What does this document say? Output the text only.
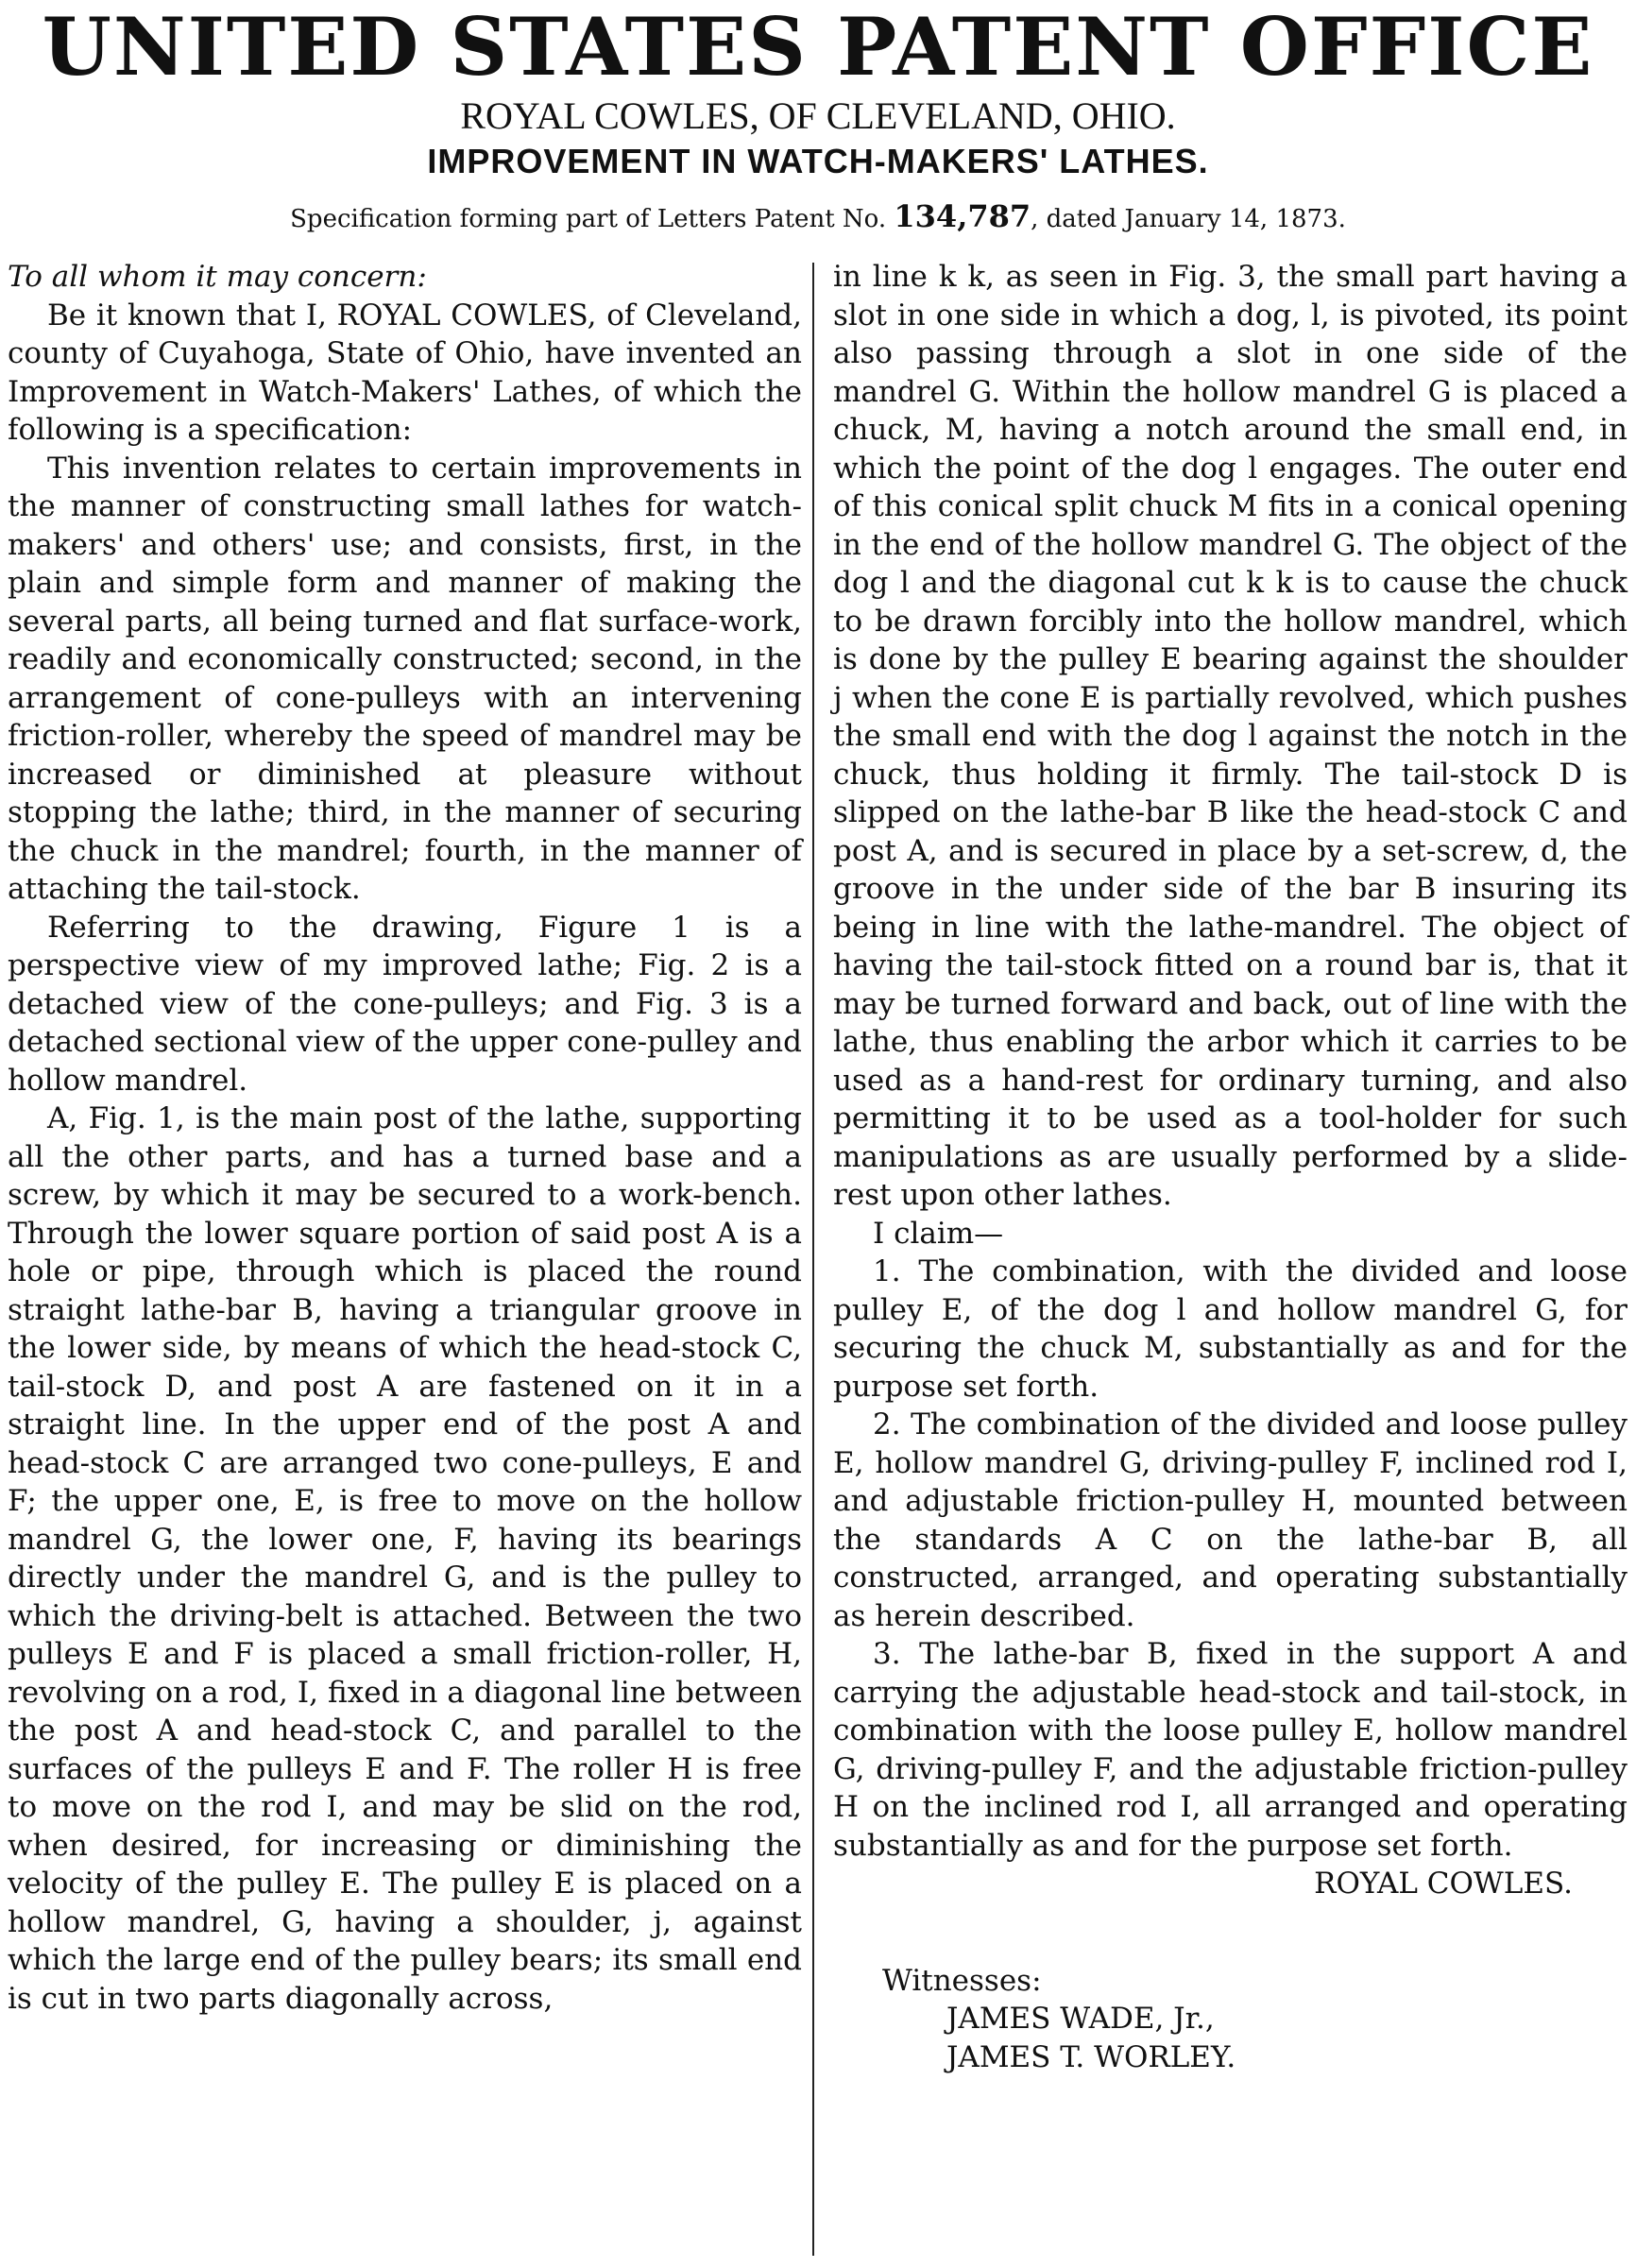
UNITED STATES PATENT OFFICE
ROYAL COWLES, OF CLEVELAND, OHIO.
IMPROVEMENT IN WATCH-MAKERS' LATHES.
Specification forming part of Letters Patent No. 134,787, dated January 14, 1873.

To all whom it may concern:

Be it known that I, ROYAL COWLES, of Cleveland, county of Cuyahoga, State of Ohio, have invented an Improvement in Watch-Makers' Lathes, of which the following is a specification:

This invention relates to certain improvements in the manner of constructing small lathes for watch-makers' and others' use; and consists, first, in the plain and simple form and manner of making the several parts, all being turned and flat surface-work, readily and economically constructed; second, in the arrangement of cone-pulleys with an intervening friction-roller, whereby the speed of mandrel may be increased or diminished at pleasure without stopping the lathe; third, in the manner of securing the chuck in the mandrel; fourth, in the manner of attaching the tail-stock.

Referring to the drawing, Figure 1 is a perspective view of my improved lathe; Fig. 2 is a detached view of the cone-pulleys; and Fig. 3 is a detached sectional view of the upper cone-pulley and hollow mandrel.

A, Fig. 1, is the main post of the lathe, supporting all the other parts, and has a turned base and a screw, by which it may be secured to a work-bench. Through the lower square portion of said post A is a hole or pipe, through which is placed the round straight lathe-bar B, having a triangular groove in the lower side, by means of which the head-stock C, tail-stock D, and post A are fastened on it in a straight line. In the upper end of the post A and head-stock C are arranged two cone-pulleys, E and F; the upper one, E, is free to move on the hollow mandrel G, the lower one, F, having its bearings directly under the mandrel G, and is the pulley to which the driving-belt is attached. Between the two pulleys E and F is placed a small friction-roller, H, revolving on a rod, I, fixed in a diagonal line between the post A and head-stock C, and parallel to the surfaces of the pulleys E and F. The roller H is free to move on the rod I, and may be slid on the rod, when desired, for increasing or diminishing the velocity of the pulley E. The pulley E is placed on a hollow mandrel, G, having a shoulder, j, against which the large end of the pulley bears; its small end is cut in two parts diagonally across,

in line k k, as seen in Fig. 3, the small part having a slot in one side in which a dog, l, is pivoted, its point also passing through a slot in one side of the mandrel G. Within the hollow mandrel G is placed a chuck, M, having a notch around the small end, in which the point of the dog l engages. The outer end of this conical split chuck M fits in a conical opening in the end of the hollow mandrel G. The object of the dog l and the diagonal cut k k is to cause the chuck to be drawn forcibly into the hollow mandrel, which is done by the pulley E bearing against the shoulder j when the cone E is partially revolved, which pushes the small end with the dog l against the notch in the chuck, thus holding it firmly. The tail-stock D is slipped on the lathe-bar B like the head-stock C and post A, and is secured in place by a set-screw, d, the groove in the under side of the bar B insuring its being in line with the lathe-mandrel. The object of having the tail-stock fitted on a round bar is, that it may be turned forward and back, out of line with the lathe, thus enabling the arbor which it carries to be used as a hand-rest for ordinary turning, and also permitting it to be used as a tool-holder for such manipulations as are usually performed by a slide-rest upon other lathes.

I claim—

1. The combination, with the divided and loose pulley E, of the dog l and hollow mandrel G, for securing the chuck M, substantially as and for the purpose set forth.

2. The combination of the divided and loose pulley E, hollow mandrel G, driving-pulley F, inclined rod I, and adjustable friction-pulley H, mounted between the standards A C on the lathe-bar B, all constructed, arranged, and operating substantially as herein described.

3. The lathe-bar B, fixed in the support A and carrying the adjustable head-stock and tail-stock, in combination with the loose pulley E, hollow mandrel G, driving-pulley F, and the adjustable friction-pulley H on the inclined rod I, all arranged and operating substantially as and for the purpose set forth.

ROYAL COWLES.

Witnesses:

JAMES WADE, Jr.,

JAMES T. WORLEY.
